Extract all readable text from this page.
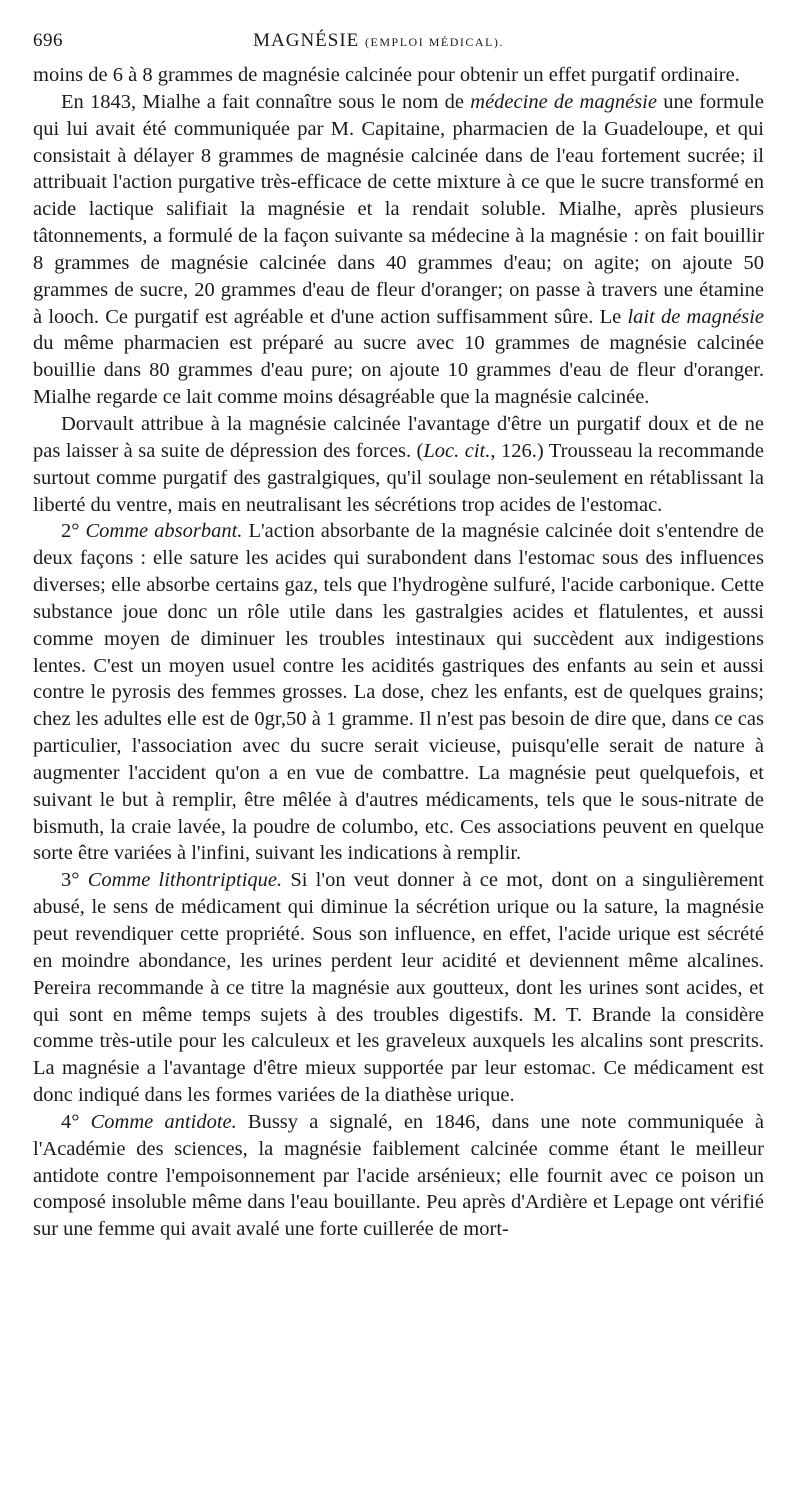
696	MAGNÉSIE (EMPLOI MÉDICAL).

moins de 6 à 8 grammes de magnésie calcinée pour obtenir un effet purgatif ordinaire.

En 1843, Mialhe a fait connaître sous le nom de médecine de magnésie une formule qui lui avait été communiquée par M. Capitaine, pharmacien de la Guadeloupe, et qui consistait à délayer 8 grammes de magnésie calcinée dans de l'eau fortement sucrée; il attribuait l'action purgative très-efficace de cette mixture à ce que le sucre transformé en acide lactique salifiait la magnésie et la rendait soluble. Mialhe, après plusieurs tâtonnements, a formulé de la façon suivante sa médecine à la magnésie : on fait bouillir 8 grammes de magnésie calcinée dans 40 grammes d'eau; on agite; on ajoute 50 grammes de sucre, 20 grammes d'eau de fleur d'oranger; on passe à travers une étamine à looch. Ce purgatif est agréable et d'une action suffisamment sûre. Le lait de magnésie du même pharmacien est préparé au sucre avec 10 grammes de magnésie calcinée bouillie dans 80 grammes d'eau pure; on ajoute 10 grammes d'eau de fleur d'oranger. Mialhe regarde ce lait comme moins désagréable que la magnésie calcinée.

Dorvault attribue à la magnésie calcinée l'avantage d'être un purgatif doux et de ne pas laisser à sa suite de dépression des forces. (Loc. cit., 126.) Trousseau la recommande surtout comme purgatif des gastralgiques, qu'il soulage non-seulement en rétablissant la liberté du ventre, mais en neutralisant les sécrétions trop acides de l'estomac.

2° Comme absorbant. L'action absorbante de la magnésie calcinée doit s'entendre de deux façons : elle sature les acides qui surabondent dans l'estomac sous des influences diverses; elle absorbe certains gaz, tels que l'hydrogène sulfuré, l'acide carbonique. Cette substance joue donc un rôle utile dans les gastralgies acides et flatulentes, et aussi comme moyen de diminuer les troubles intestinaux qui succèdent aux indigestions lentes. C'est un moyen usuel contre les acidités gastriques des enfants au sein et aussi contre le pyrosis des femmes grosses. La dose, chez les enfants, est de quelques grains; chez les adultes elle est de 0gr,50 à 1 gramme. Il n'est pas besoin de dire que, dans ce cas particulier, l'association avec du sucre serait vicieuse, puisqu'elle serait de nature à augmenter l'accident qu'on a en vue de combattre. La magnésie peut quelquefois, et suivant le but à remplir, être mêlée à d'autres médicaments, tels que le sous-nitrate de bismuth, la craie lavée, la poudre de columbo, etc. Ces associations peuvent en quelque sorte être variées à l'infini, suivant les indications à remplir.

3° Comme lithontriptique. Si l'on veut donner à ce mot, dont on a singulièrement abusé, le sens de médicament qui diminue la sécrétion urique ou la sature, la magnésie peut revendiquer cette propriété. Sous son influence, en effet, l'acide urique est sécrété en moindre abondance, les urines perdent leur acidité et deviennent même alcalines. Pereira recommande à ce titre la magnésie aux goutteux, dont les urines sont acides, et qui sont en même temps sujets à des troubles digestifs. M. T. Brande la considère comme très-utile pour les calculeux et les graveleux auxquels les alcalins sont prescrits. La magnésie a l'avantage d'être mieux supportée par leur estomac. Ce médicament est donc indiqué dans les formes variées de la diathèse urique.

4° Comme antidote. Bussy a signalé, en 1846, dans une note communiquée à l'Académie des sciences, la magnésie faiblement calcinée comme étant le meilleur antidote contre l'empoisonnement par l'acide arsénieux; elle fournit avec ce poison un composé insoluble même dans l'eau bouillante. Peu après d'Ardière et Lepage ont vérifié sur une femme qui avait avalé une forte cuillerée de mort-
